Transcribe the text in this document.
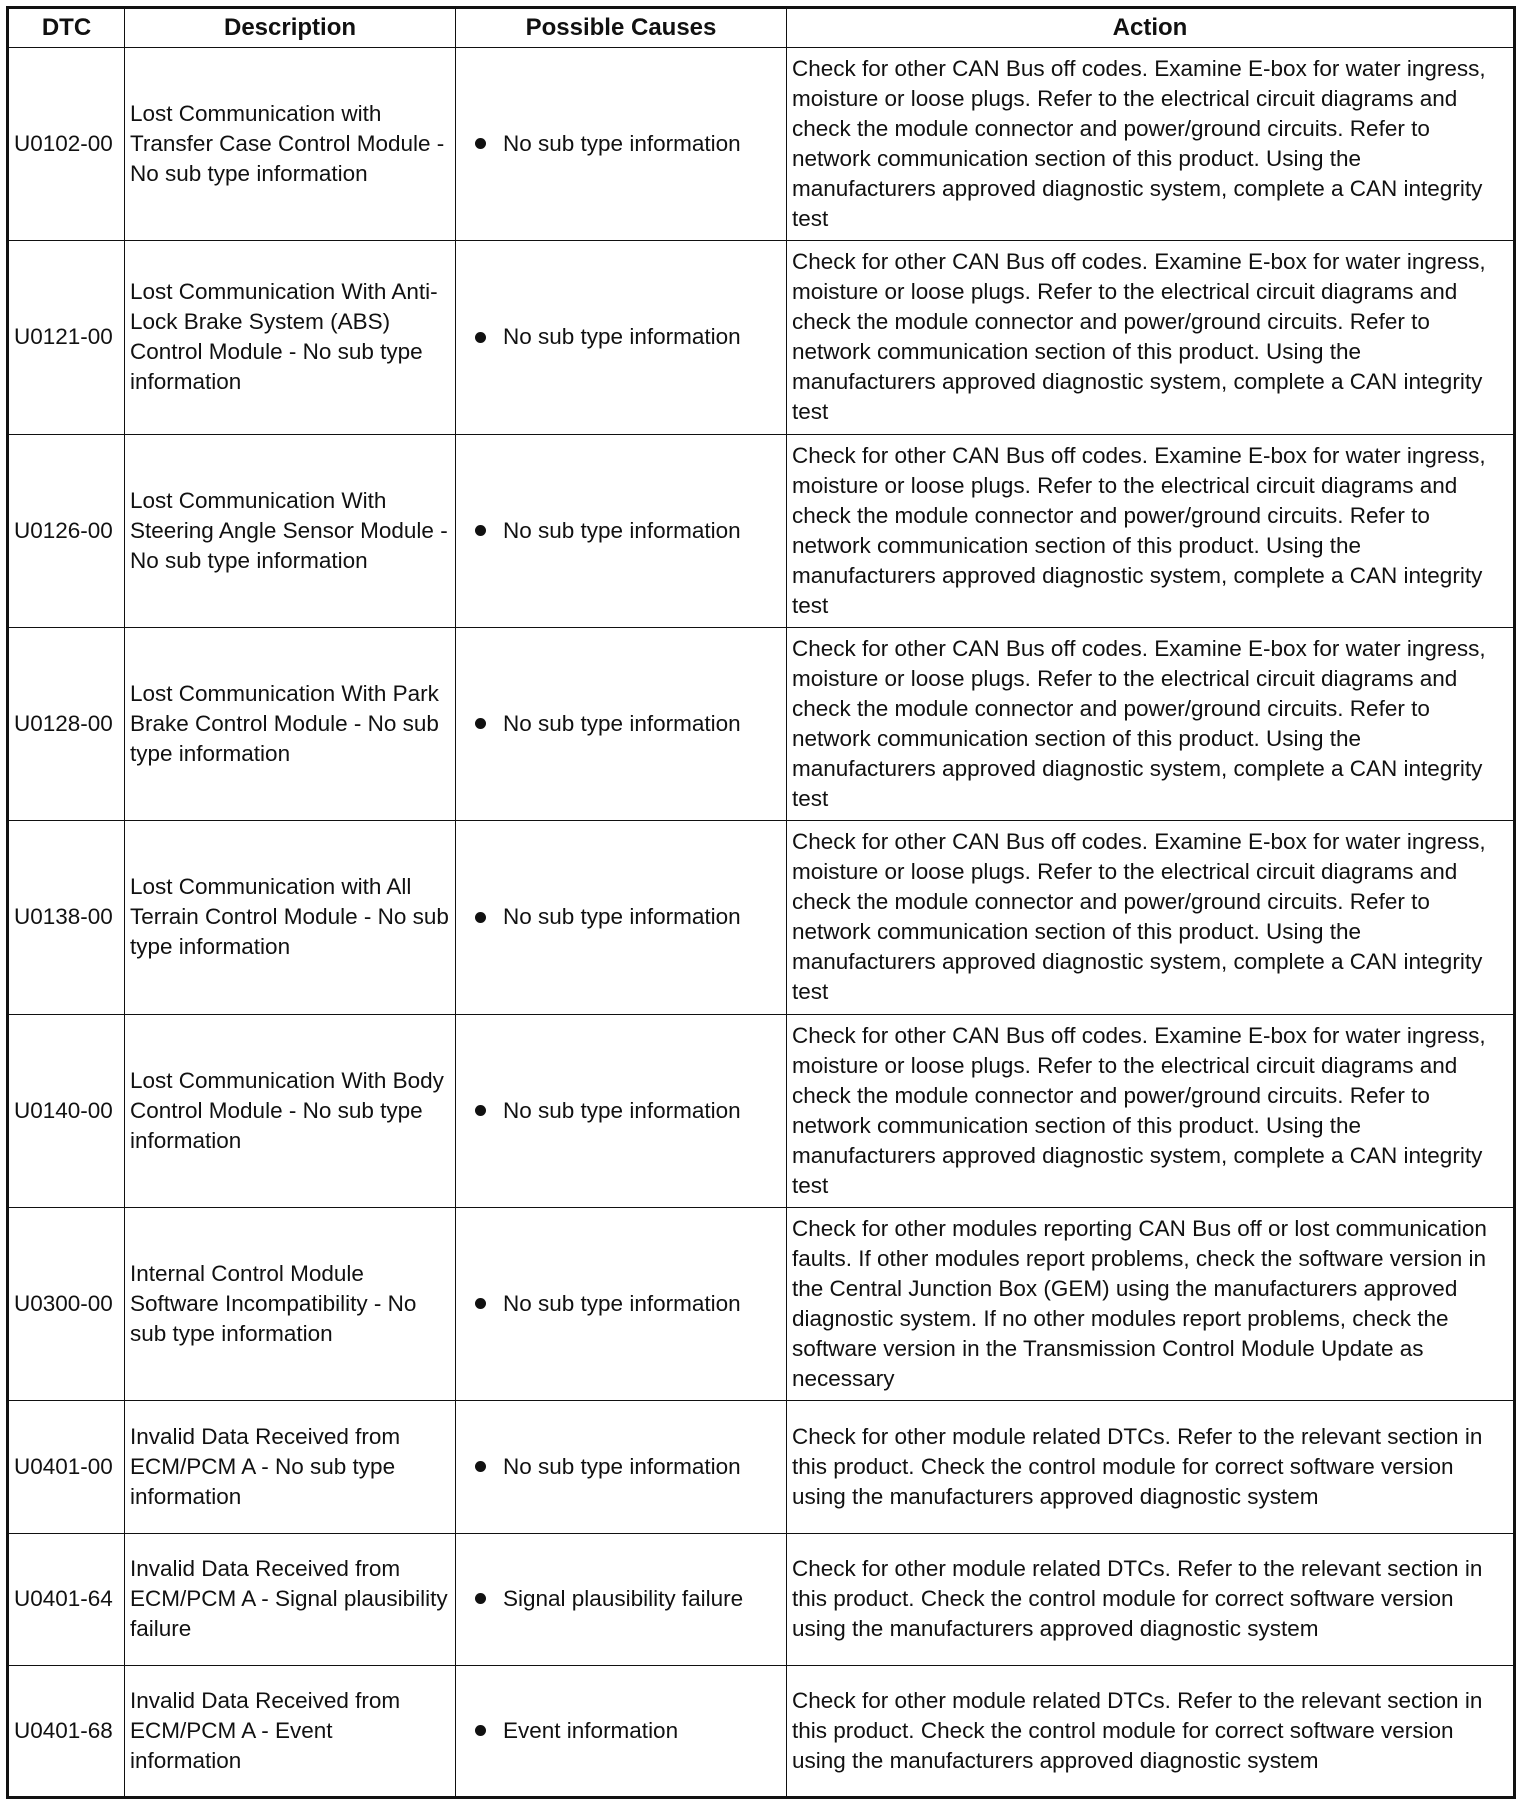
DTC	Description	Possible Causes	Action
U0102-00	Lost Communication with Transfer Case Control Module - No sub type information	No sub type information	Check for other CAN Bus off codes. Examine E-box for water ingress, moisture or loose plugs. Refer to the electrical circuit diagrams and check the module connector and power/ground circuits. Refer to network communication section of this product. Using the manufacturers approved diagnostic system, complete a CAN integrity test
U0121-00	Lost Communication With Anti-Lock Brake System (ABS) Control Module - No sub type information	No sub type information	Check for other CAN Bus off codes. Examine E-box for water ingress, moisture or loose plugs. Refer to the electrical circuit diagrams and check the module connector and power/ground circuits. Refer to network communication section of this product. Using the manufacturers approved diagnostic system, complete a CAN integrity test
U0126-00	Lost Communication With Steering Angle Sensor Module - No sub type information	No sub type information	Check for other CAN Bus off codes. Examine E-box for water ingress, moisture or loose plugs. Refer to the electrical circuit diagrams and check the module connector and power/ground circuits. Refer to network communication section of this product. Using the manufacturers approved diagnostic system, complete a CAN integrity test
U0128-00	Lost Communication With Park Brake Control Module - No sub type information	No sub type information	Check for other CAN Bus off codes. Examine E-box for water ingress, moisture or loose plugs. Refer to the electrical circuit diagrams and check the module connector and power/ground circuits. Refer to network communication section of this product. Using the manufacturers approved diagnostic system, complete a CAN integrity test
U0138-00	Lost Communication with All Terrain Control Module - No sub type information	No sub type information	Check for other CAN Bus off codes. Examine E-box for water ingress, moisture or loose plugs. Refer to the electrical circuit diagrams and check the module connector and power/ground circuits. Refer to network communication section of this product. Using the manufacturers approved diagnostic system, complete a CAN integrity test
U0140-00	Lost Communication With Body Control Module - No sub type information	No sub type information	Check for other CAN Bus off codes. Examine E-box for water ingress, moisture or loose plugs. Refer to the electrical circuit diagrams and check the module connector and power/ground circuits. Refer to network communication section of this product. Using the manufacturers approved diagnostic system, complete a CAN integrity test
U0300-00	Internal Control Module Software Incompatibility - No sub type information	No sub type information	Check for other modules reporting CAN Bus off or lost communication faults. If other modules report problems, check the software version in the Central Junction Box (GEM) using the manufacturers approved diagnostic system. If no other modules report problems, check the software version in the Transmission Control Module Update as necessary
U0401-00	Invalid Data Received from ECM/PCM A - No sub type information	No sub type information	Check for other module related DTCs. Refer to the relevant section in this product. Check the control module for correct software version using the manufacturers approved diagnostic system
U0401-64	Invalid Data Received from ECM/PCM A - Signal plausibility failure	Signal plausibility failure	Check for other module related DTCs. Refer to the relevant section in this product. Check the control module for correct software version using the manufacturers approved diagnostic system
U0401-68	Invalid Data Received from ECM/PCM A - Event information	Event information	Check for other module related DTCs. Refer to the relevant section in this product. Check the control module for correct software version using the manufacturers approved diagnostic system
